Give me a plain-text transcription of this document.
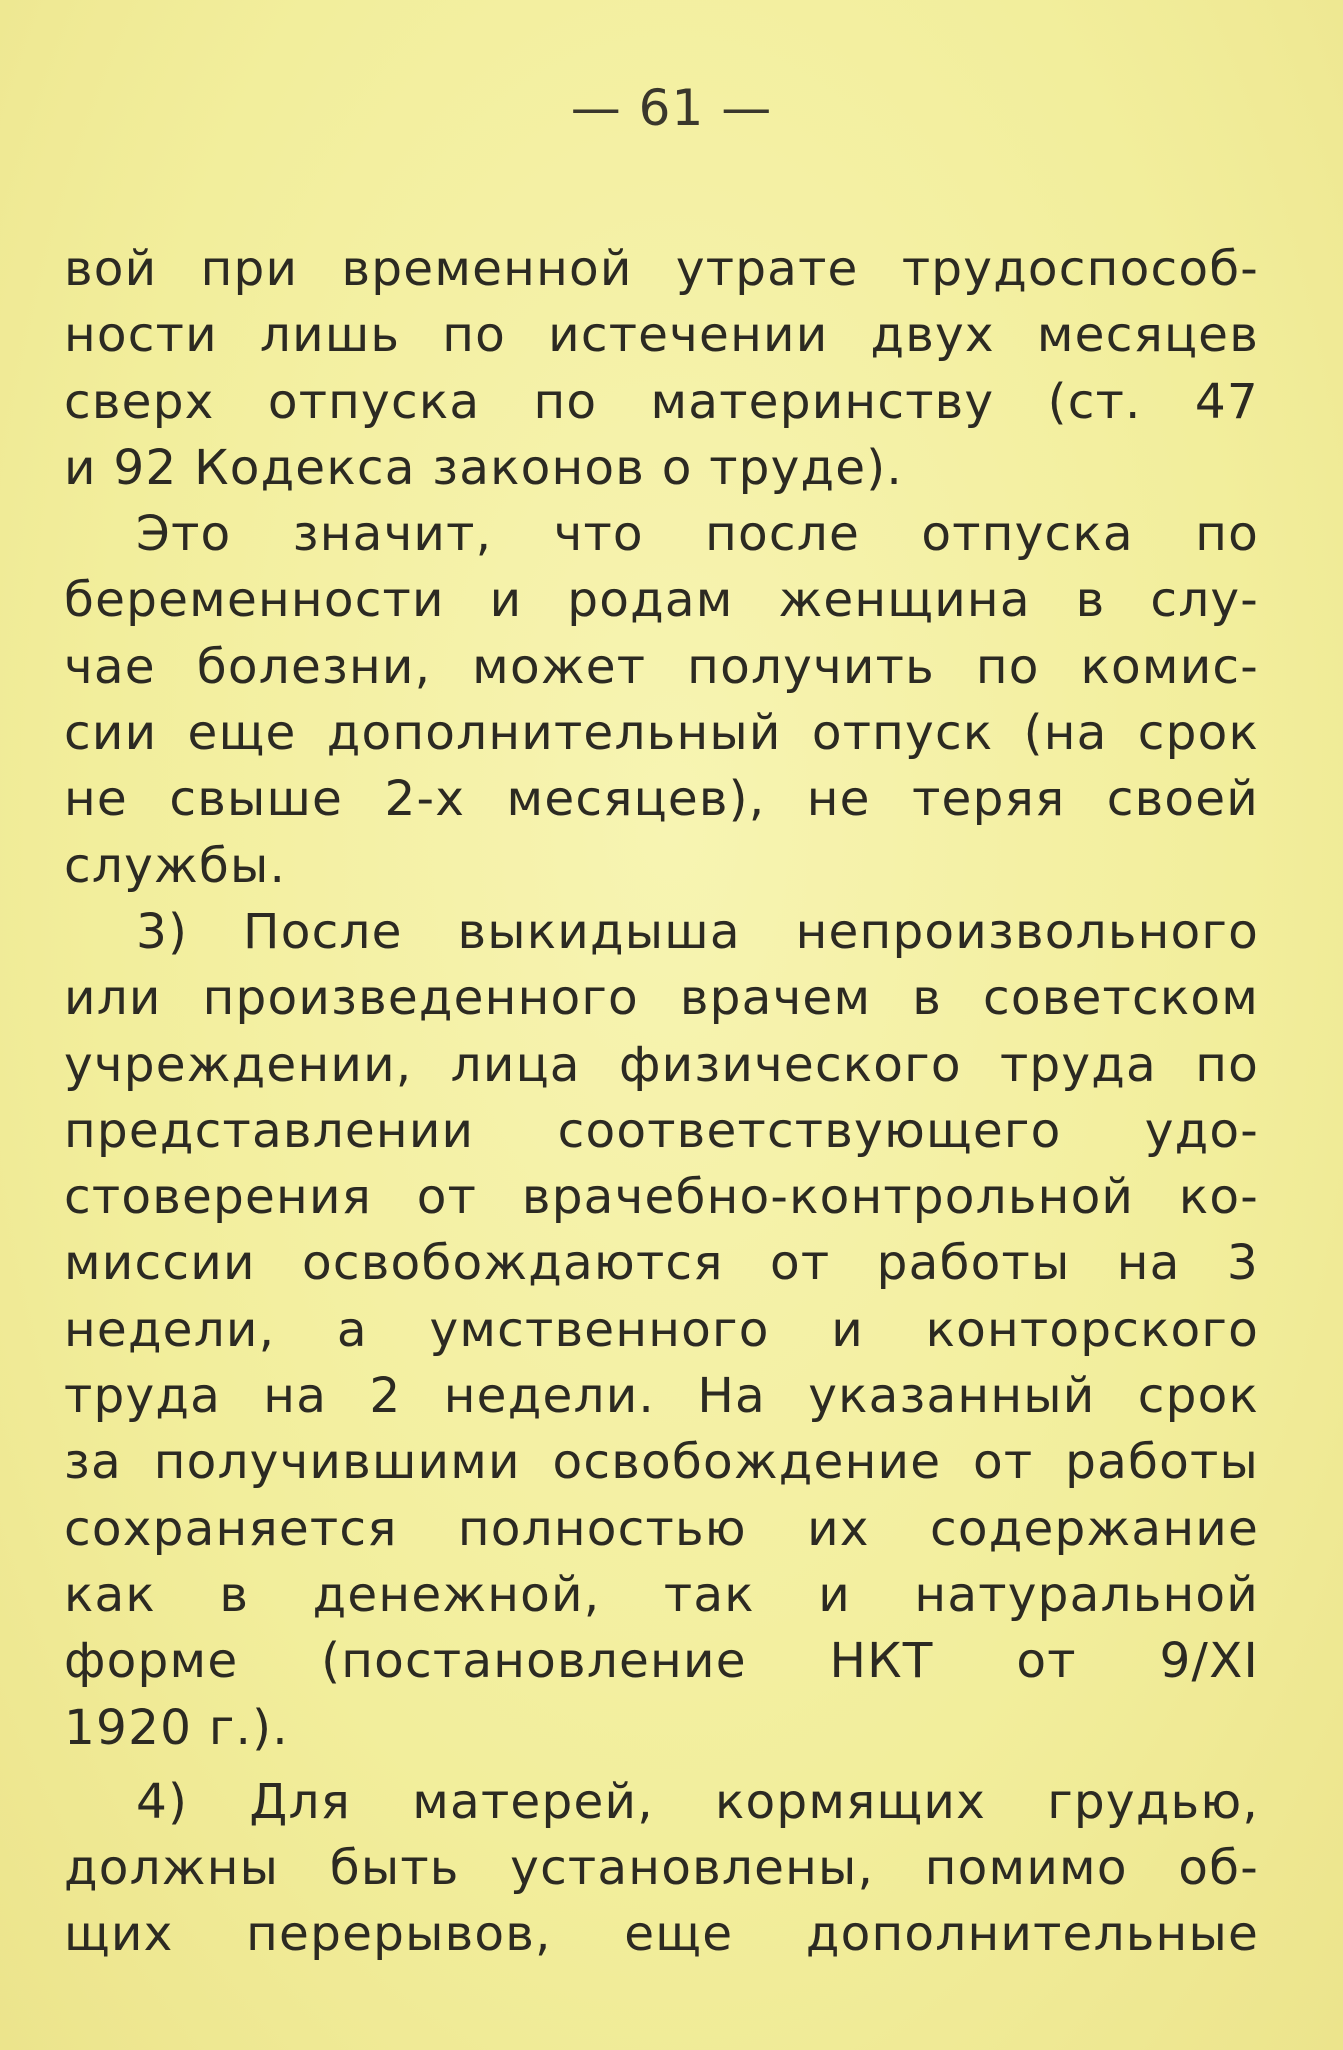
— 61 —
вой при временной утрате трудоспособ-
ности лишь по истечении двух месяцев
сверх отпуска по материнству (ст. 47
и 92 Кодекса законов о труде).
Это значит, что после отпуска по
беременности и родам женщина в слу-
чае болезни, может получить по комис-
сии еще дополнительный отпуск (на срок
не свыше 2-х месяцев), не теряя своей
службы.
3) После выкидыша непроизвольного
или произведенного врачем в советском
учреждении, лица физического труда по
представлении соответствующего удо-
стоверения от врачебно-контрольной ко-
миссии освобождаются от работы на 3
недели, а умственного и конторского
труда на 2 недели. На указанный срок
за получившими освобождение от работы
сохраняется полностью их содержание
как в денежной, так и натуральной
форме (постановление НКТ от 9/XI
1920 г.).
4) Для матерей, кормящих грудью,
должны быть установлены, помимо об-
щих перерывов, еще дополнительные
